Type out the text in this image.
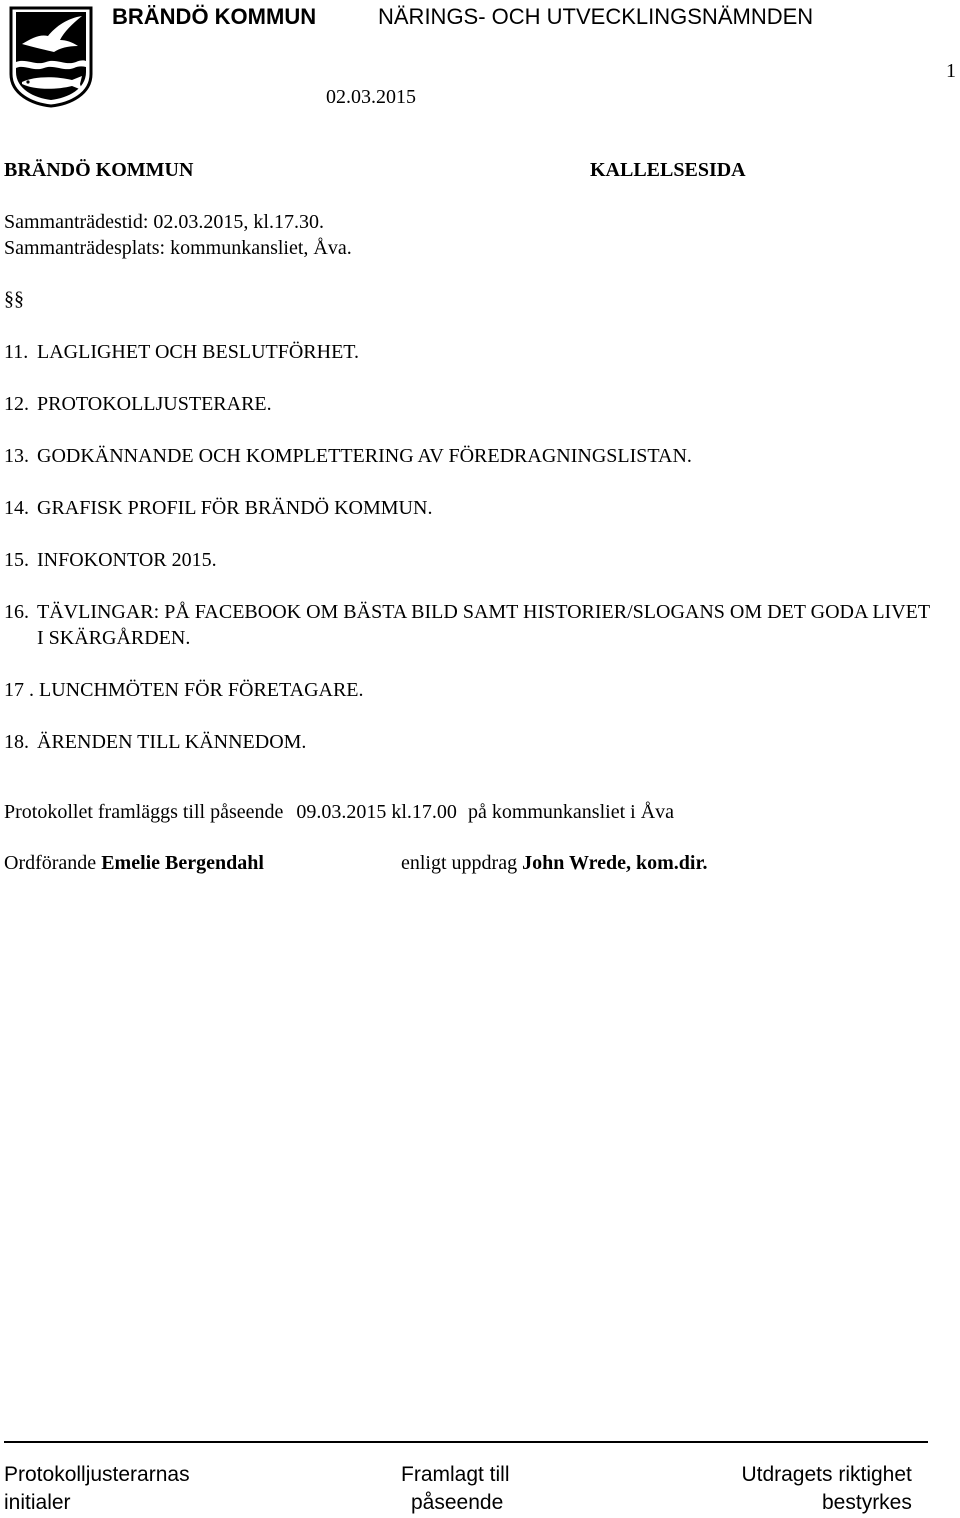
BRÄNDÖ KOMMUN	NÄRINGS- OCH UTVECKLINGSNÄMNDEN
1
02.03.2015
BRÄNDÖ KOMMUN	KALLELSESIDA
Sammanträdestid: 02.03.2015, kl.17.30.
Sammanträdesplats: kommunkansliet, Åva.
§§
11. LAGLIGHET OCH BESLUTFÖRHET.
12. PROTOKOLLJUSTERARE.
13. GODKÄNNANDE OCH KOMPLETTERING AV FÖREDRAGNINGSLISTAN.
14. GRAFISK PROFIL FÖR BRÄNDÖ KOMMUN.
15. INFOKONTOR 2015.
16. TÄVLINGAR: PÅ FACEBOOK OM BÄSTA BILD SAMT HISTORIER/SLOGANS OM DET GODA LIVET I SKÄRGÅRDEN.
17 . LUNCHMÖTEN FÖR FÖRETAGARE.
18. ÄRENDEN TILL KÄNNEDOM.
Protokollet framläggs till påseende 09.03.2015 kl.17.00 på kommunkansliet i Åva
Ordförande Emelie Bergendahl	enligt uppdrag John Wrede, kom.dir.
Protokolljusterarnas
initialer
Framlagt till
påseende
Utdragets riktighet
bestyrkes
